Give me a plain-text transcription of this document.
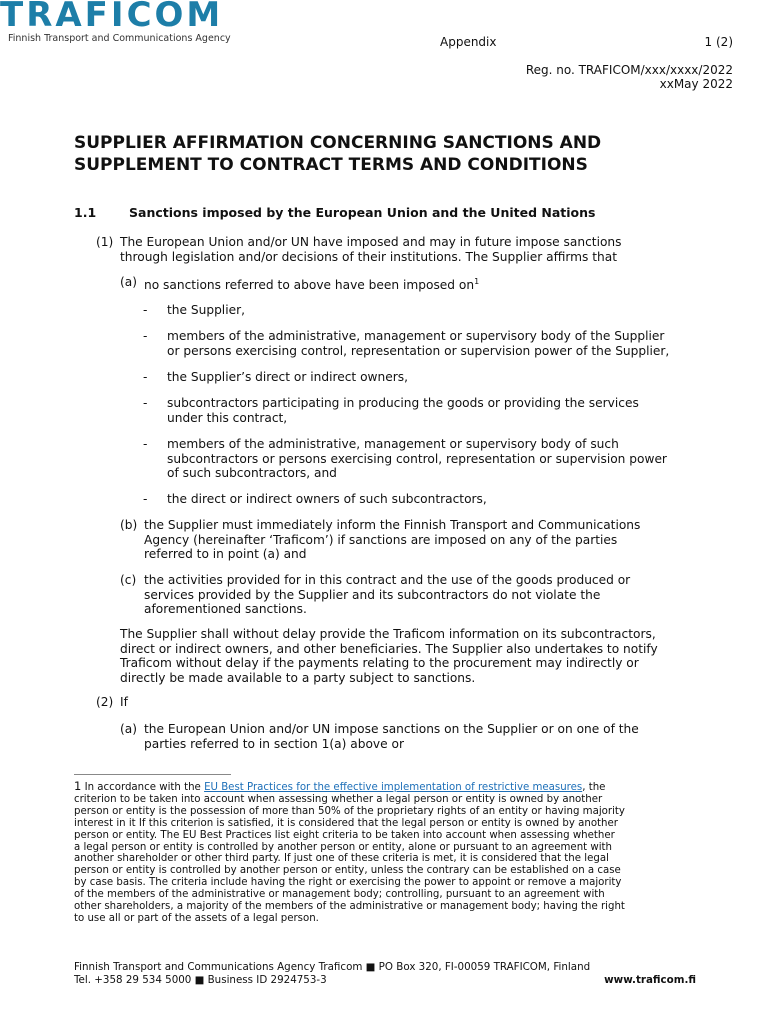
TRAFICOM
Finnish Transport and Communications Agency	Appendix	1 (2)
Reg. no. TRAFICOM/xxx/xxxx/2022
xxMay 2022
SUPPLIER AFFIRMATION CONCERNING SANCTIONS AND
SUPPLEMENT TO CONTRACT TERMS AND CONDITIONS
1.1	Sanctions imposed by the European Union and the United Nations
(1) The European Union and/or UN have imposed and may in future impose sanctions
through legislation and/or decisions of their institutions. The Supplier affirms that
(a) no sanctions referred to above have been imposed $on^1$
- the Supplier,
- members of the administrative, management or supervisory body of the Supplier
or persons exercising control, representation or supervision power of the Supplier,
- the Supplier’s direct or indirect owners,
- subcontractors participating in producing the goods or providing the services
under this contract,
- members of the administrative, management or supervisory body of such
subcontractors or persons exercising control, representation or supervision power
of such subcontractors, and
- the direct or indirect owners of such subcontractors,
(b) the Supplier must immediately inform the Finnish Transport and Communications
Agency (hereinafter ‘Traficom’) if sanctions are imposed on any of the parties
referred to in point (a) and
(c) the activities provided for in this contract and the use of the goods produced or
services provided by the Supplier and its subcontractors do not violate the
aforementioned sanctions.
The Supplier shall without delay provide the Traficom information on its subcontractors,
direct or indirect owners, and other beneficiaries. The Supplier also undertakes to notify
Traficom without delay if the payments relating to the procurement may indirectly or
directly be made available to a party subject to sanctions.
(2) If
(a) the European Union and/or UN impose sanctions on the Supplier or on one of the
parties referred to in section 1(a) above or
1 In accordance with the EU Best Practices for the effective implementation of restrictive measures, the
criterion to be taken into account when assessing whether a legal person or entity is owned by another
person or entity is the possession of more than 50% of the proprietary rights of an entity or having majority
interest in it If this criterion is satisfied, it is considered that the legal person or entity is owned by another
person or entity. The EU Best Practices list eight criteria to be taken into account when assessing whether
a legal person or entity is controlled by another person or entity, alone or pursuant to an agreement with
another shareholder or other third party. If just one of these criteria is met, it is considered that the legal
person or entity is controlled by another person or entity, unless the contrary can be established on a case
by case basis. The criteria include having the right or exercising the power to appoint or remove a majority
of the members of the administrative or management body; controlling, pursuant to an agreement with
other shareholders, a majority of the members of the administrative or management body; having the right
to use all or part of the assets of a legal person.
Finnish Transport and Communications Agency Traficom ■ PO Box 320, FI-00059 TRAFICOM, Finland
Tel. +358 29 534 5000 ■ Business ID 2924753-3	www.traficom.fi
